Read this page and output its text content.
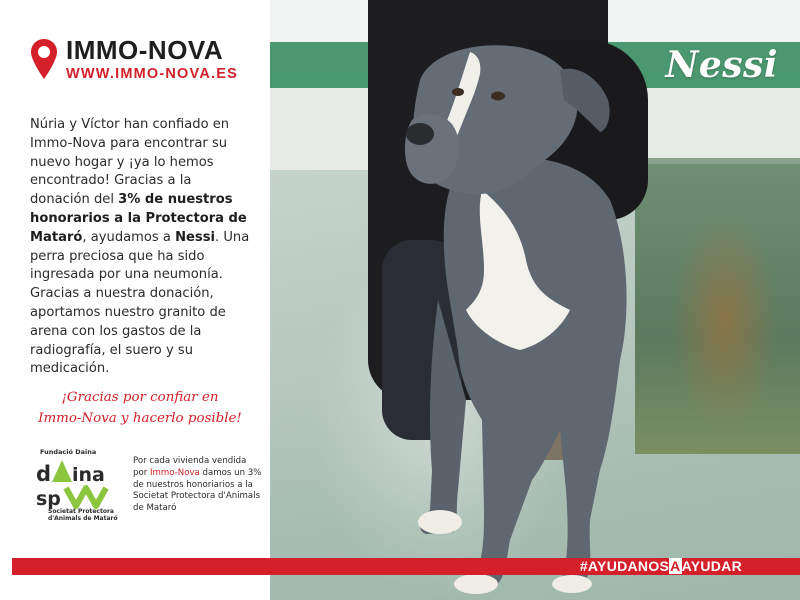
Nessi
IMMO-NOVA
WWW.IMMO-NOVA.ES
Núria y Víctor han confiado en Immo-Nova para encontrar su nuevo hogar y ¡ya lo hemos encontrado! Gracias a la donación del 3% de nuestros honorarios a la Protectora de Mataró, ayudamos a Nessi. Una perra preciosa que ha sido ingresada por una neumonía. Gracias a nuestra donación, aportamos nuestro granito de arena con los gastos de la radiografía, el suero y su medicación.
¡Gracias por confiar en
Immo-Nova y hacerlo posible!
Fundació Daina
d ina
sp
Societat Protectora
d'Animals de Mataró
Por cada vivienda vendida por Immo-Nova damos un 3% de nuestros honoriarios a la Societat Protectora d'Animals de Mataró
#AYUDANOSAAYUDAR
